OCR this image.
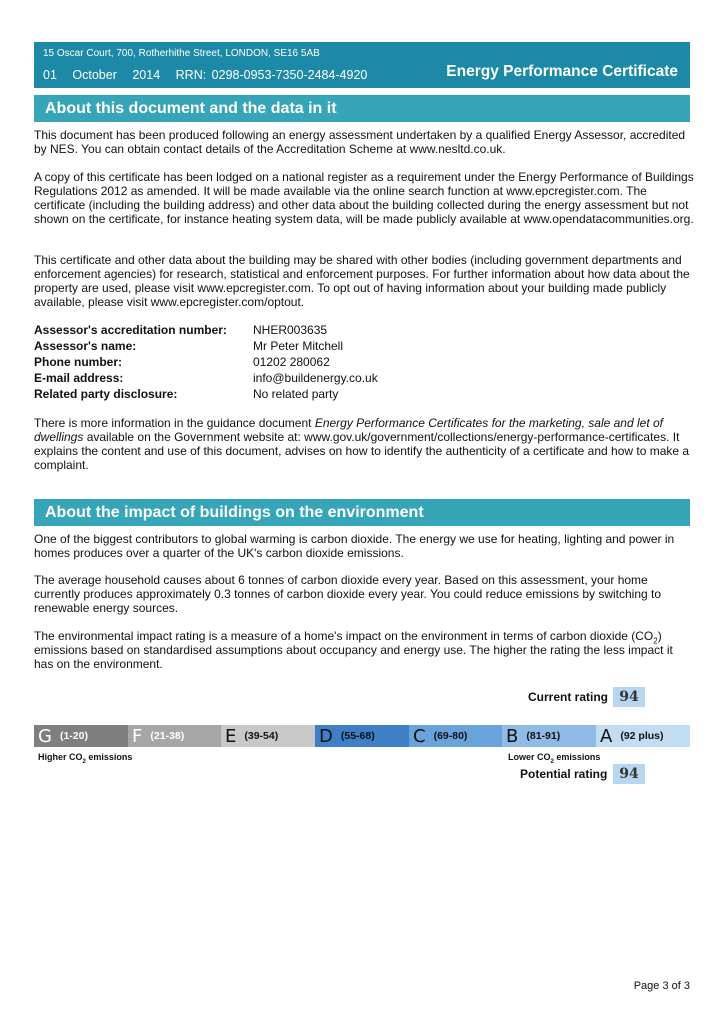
15 Oscar Court, 700, Rotherhithe Street, LONDON, SE16 5AB
01 October 2014 RRN: 0298-0953-7350-2484-4920	Energy Performance Certificate
About this document and the data in it

This document has been produced following an energy assessment undertaken by a qualified Energy Assessor, accredited by NES. You can obtain contact details of the Accreditation Scheme at www.nesltd.co.uk.

A copy of this certificate has been lodged on a national register as a requirement under the Energy Performance of Buildings Regulations 2012 as amended. It will be made available via the online search function at www.epcregister.com. The certificate (including the building address) and other data about the building collected during the energy assessment but not shown on the certificate, for instance heating system data, will be made publicly available at www.opendatacommunities.org.

This certificate and other data about the building may be shared with other bodies (including government departments and enforcement agencies) for research, statistical and enforcement purposes. For further information about how data about the property are used, please visit www.epcregister.com. To opt out of having information about your building made publicly available, please visit www.epcregister.com/optout.

Assessor's accreditation number: NHER003635
Assessor's name:	Mr Peter Mitchell
Phone number:	01202 280062
E-mail address:	info@buildenergy.co.uk
Related party disclosure:	No related party

There is more information in the guidance document Energy Performance Certificates for the marketing, sale and let of dwellings available on the Government website at: www.gov.uk/government/collections/energy-performance-certificates. It explains the content and use of this document, advises on how to identify the authenticity of a certificate and how to make a complaint.

About the impact of buildings on the environment

One of the biggest contributors to global warming is carbon dioxide. The energy we use for heating, lighting and power in homes produces over a quarter of the UK's carbon dioxide emissions.

The average household causes about 6 tonnes of carbon dioxide every year. Based on this assessment, your home currently produces approximately 0.3 tonnes of carbon dioxide every year. You could reduce emissions by switching to renewable energy sources.

The environmental impact rating is a measure of a home's impact on the environment in terms of carbon dioxide $(CO_2)$ emissions based on standardised assumptions about occupancy and energy use. The higher the rating the less impact it has on the environment.

Current rating 94
G (1-20) F (21-38) E (39-54) D (55-68) C (69-80) B (81-91) A (92 plus)
Higher $CO_2$ emissions	Lower $CO_2$ emissions
Potential rating 94
Page 3 of 3
